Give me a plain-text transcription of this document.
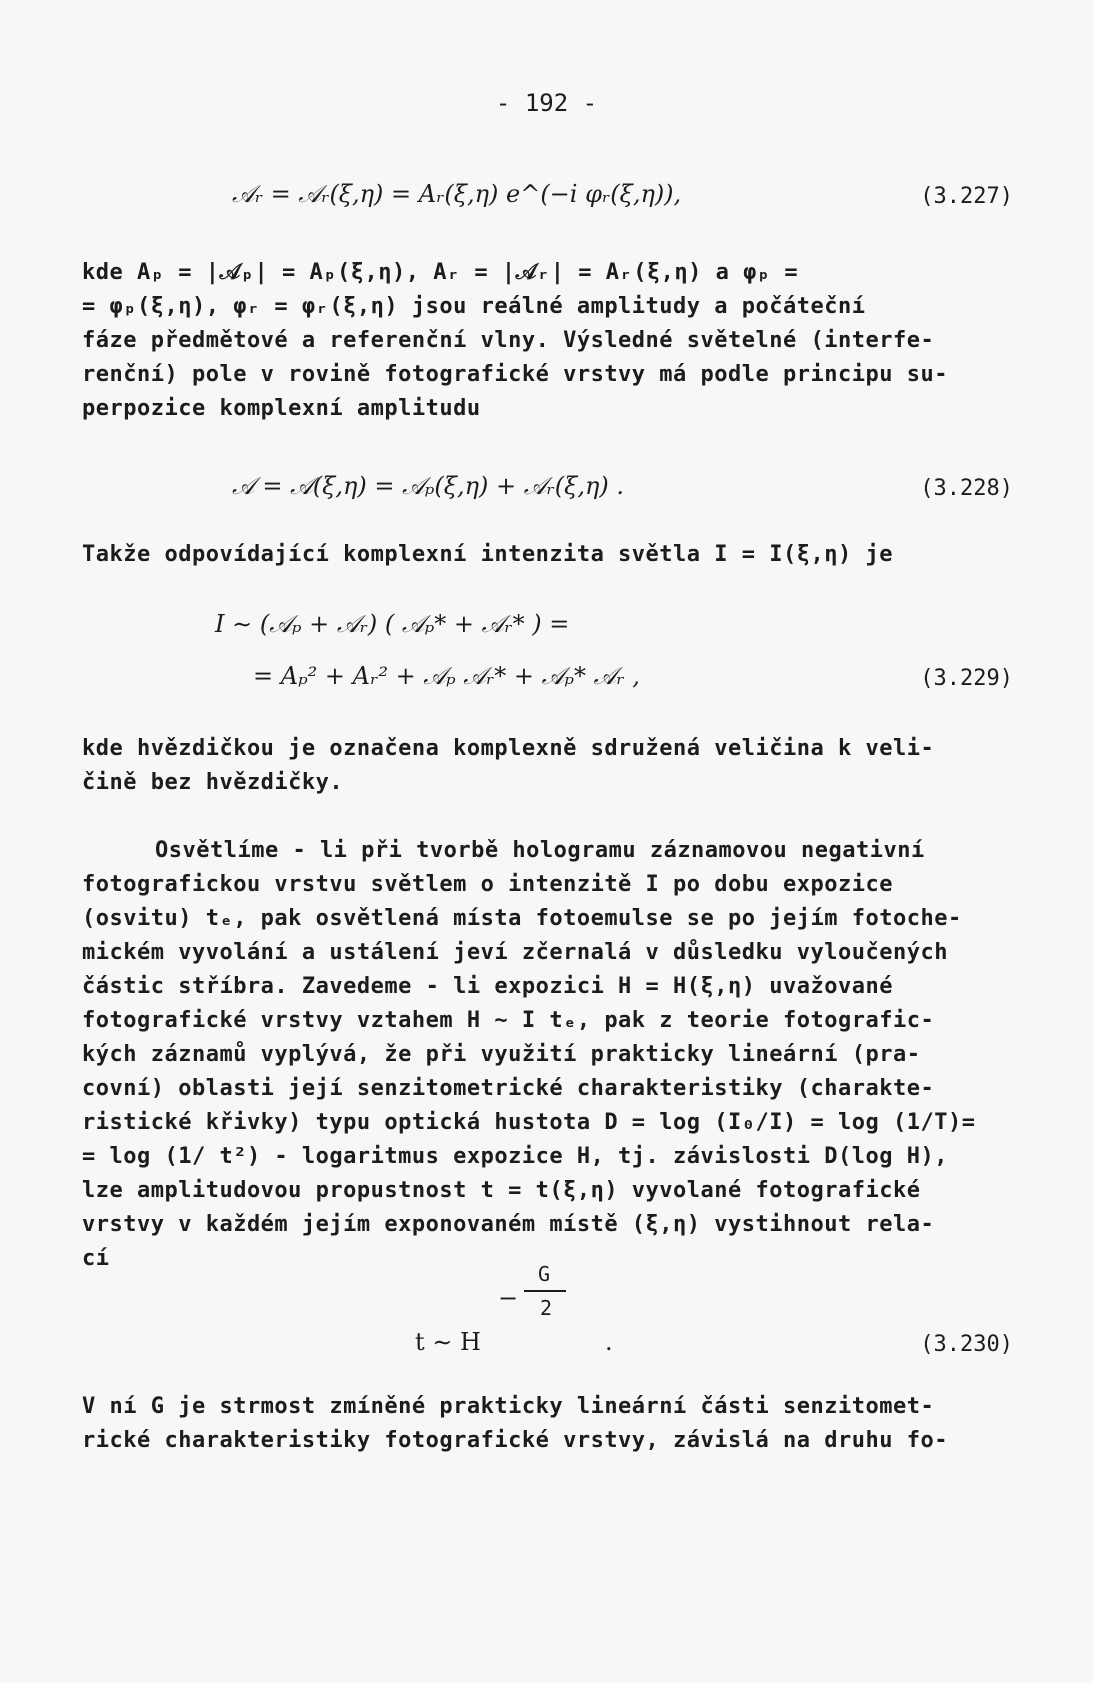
- 192 -
𝒜ᵣ = 𝒜ᵣ(ξ,η) = Aᵣ(ξ,η) e^(−i φᵣ(ξ,η)),	(3.227)
kde Aₚ = |𝒜ₚ| = Aₚ(ξ,η), Aᵣ = |𝒜ᵣ| = Aᵣ(ξ,η) a φₚ =
= φₚ(ξ,η), φᵣ = φᵣ(ξ,η) jsou reálné amplitudy a počáteční
fáze předmětové a referenční vlny. Výsledné světelné (interfe-
renční) pole v rovině fotografické vrstvy má podle principu su-
perpozice komplexní amplitudu
𝒜 = 𝒜(ξ,η) = 𝒜ₚ(ξ,η) + 𝒜ᵣ(ξ,η) .	(3.228)
Takže odpovídající komplexní intenzita světla I = I(ξ,η) je
I ∼ (𝒜ₚ + 𝒜ᵣ) ( 𝒜ₚ* + 𝒜ᵣ* ) =
= Aₚ² + Aᵣ² + 𝒜ₚ 𝒜ᵣ* + 𝒜ₚ* 𝒜ᵣ ,	(3.229)
kde hvězdičkou je označena komplexně sdružená veličina k veli-
čině bez hvězdičky.
Osvětlíme - li při tvorbě hologramu záznamovou negativní
fotografickou vrstvu světlem o intenzitě I po dobu expozice
(osvitu) tₑ, pak osvětlená místa fotoemulse se po jejím fotoche-
mickém vyvolání a ustálení jeví zčernalá v důsledku vyloučených
částic stříbra. Zavedeme - li expozici H = H(ξ,η) uvažované
fotografické vrstvy vztahem H ∼ I tₑ, pak z teorie fotografic-
kých záznamů vyplývá, že při využití prakticky lineární (pra-
covní) oblasti její senzitometrické charakteristiky (charakte-
ristické křivky) typu optická hustota D = log (I₀/I) = log (1/T)=
= log (1/ t²) - logaritmus expozice H, tj. závislosti D(log H),
lze amplitudovou propustnost t = t(ξ,η) vyvolané fotografické
vrstvy v každém jejím exponovaném místě (ξ,η) vystihnout rela-
cí
−
G
2
t ∼ H	.	(3.230)
V ní G je strmost zmíněné prakticky lineární části senzitomet-
rické charakteristiky fotografické vrstvy, závislá na druhu fo-
